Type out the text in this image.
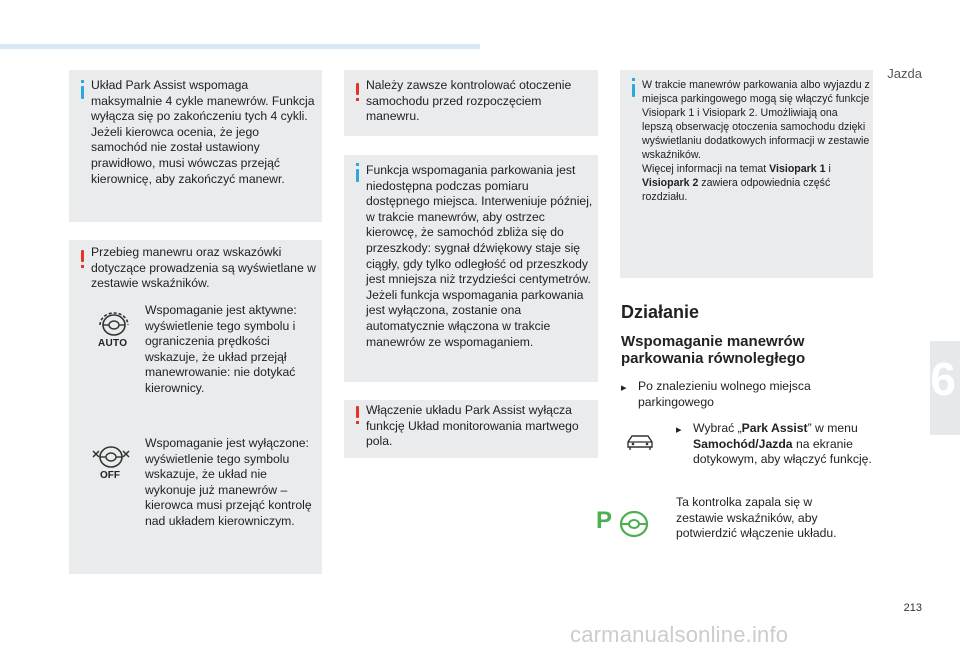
Jazda
Układ Park Assist wspomaga maksymalnie 4 cykle manewrów. Funkcja wyłącza się po zakończeniu tych 4 cykli. Jeżeli kierowca ocenia, że jego samochód nie został ustawiony prawidłowo, musi wówczas przejąć kierownicę, aby zakończyć manewr.
Przebieg manewru oraz wskazówki dotyczące prowadzenia są wyświetlane w zestawie wskaźników.
AUTO
Wspomaganie jest aktywne: wyświetlenie tego symbolu i ograniczenia prędkości wskazuje, że układ przejął manewrowanie: nie dotykać kierownicy.
OFF
Wspomaganie jest wyłączone: wyświetlenie tego symbolu wskazuje, że układ nie wykonuje już manewrów – kierowca musi przejąć kontrolę nad układem kierowniczym.
Należy zawsze kontrolować otoczenie samochodu przed rozpoczęciem manewru.
Funkcja wspomagania parkowania jest niedostępna podczas pomiaru dostępnego miejsca. Interweniuje później, w trakcie manewrów, aby ostrzec kierowcę, że samochód zbliża się do przeszkody: sygnał dźwiękowy staje się ciągły, gdy tylko odległość od przeszkody jest mniejsza niż trzydzieści centymetrów. Jeżeli funkcja wspomagania parkowania jest wyłączona, zostanie ona automatycznie włączona w trakcie manewrów ze wspomaganiem.
Włączenie układu Park Assist wyłącza funkcję Układ monitorowania martwego pola.
W trakcie manewrów parkowania albo wyjazdu z miejsca parkingowego mogą się włączyć funkcje Visiopark 1 i Visiopark 2. Umożliwiają ona lepszą obserwację otoczenia samochodu dzięki wyświetlaniu dodatkowych informacji w zestawie wskaźników.
Więcej informacji na temat Visiopark 1 i Visiopark 2 zawiera odpowiednia część rozdziału.
Działanie
Wspomaganie manewrów parkowania równoległego
▸ Po znalezieniu wolnego miejsca parkingowego
▸ Wybrać „Park Assist” w menu Samochód/Jazda na ekranie dotykowym, aby włączyć funkcję.
P
Ta kontrolka zapala się w zestawie wskaźników, aby potwierdzić włączenie układu.
6
213
carmanualsonline.info
